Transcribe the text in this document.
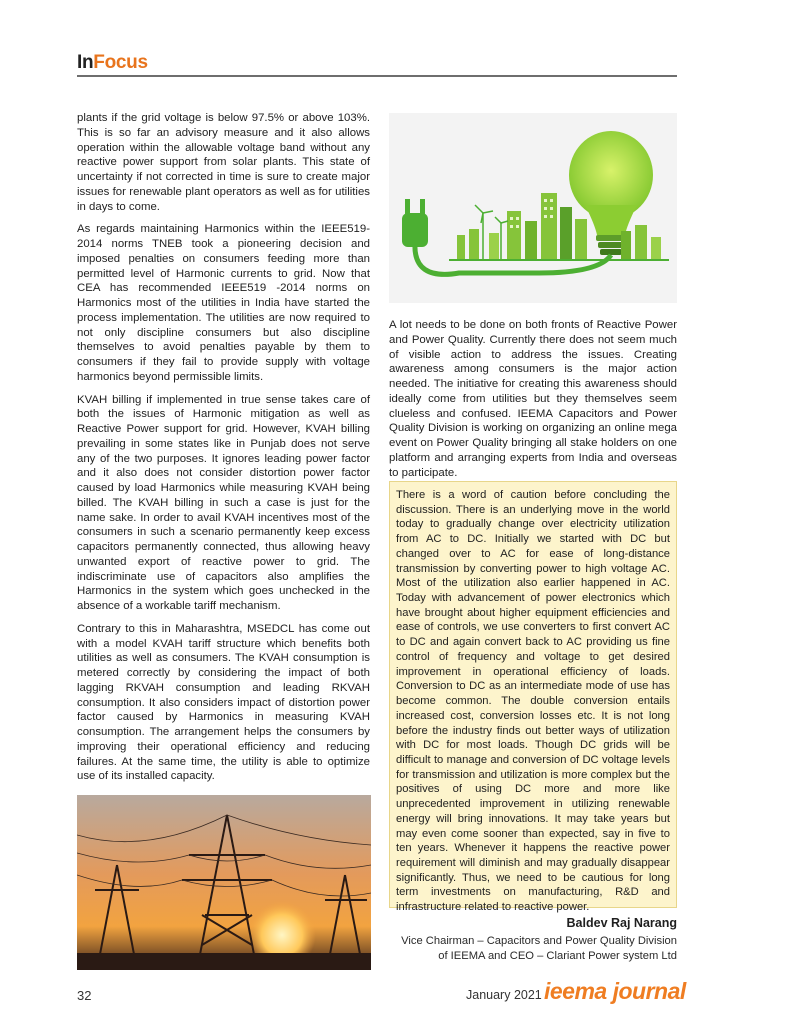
InFocus

plants if the grid voltage is below 97.5% or above 103%. This is so far an advisory measure and it also allows operation within the allowable voltage band without any reactive power support from solar plants. This state of uncertainty if not corrected in time is sure to create major issues for renewable plant operators as well as for utilities in days to come.

As regards maintaining Harmonics within the IEEE519-2014 norms TNEB took a pioneering decision and imposed penalties on consumers feeding more than permitted level of Harmonic currents to grid. Now that CEA has recommended IEEE519 -2014 norms on Harmonics most of the utilities in India have started the process implementation. The utilities are now required to not only discipline consumers but also discipline themselves to avoid penalties payable by them to consumers if they fail to provide supply with voltage harmonics beyond permissible limits.

KVAH billing if implemented in true sense takes care of both the issues of Harmonic mitigation as well as Reactive Power support for grid. However, KVAH billing prevailing in some states like in Punjab does not serve any of the two purposes. It ignores leading power factor and it also does not consider distortion power factor caused by load Harmonics while measuring KVAH being billed. The KVAH billing in such a case is just for the name sake. In order to avail KVAH incentives most of the consumers in such a scenario permanently keep excess capacitors permanently connected, thus allowing heavy unwanted export of reactive power to grid. The indiscriminate use of capacitors also amplifies the Harmonics in the system which goes unchecked in the absence of a workable tariff mechanism.

Contrary to this in Maharashtra, MSEDCL has come out with a model KVAH tariff structure which benefits both utilities as well as consumers. The KVAH consumption is metered correctly by considering the impact of both lagging RKVAH consumption and leading RKVAH consumption. It also considers impact of distortion power factor caused by Harmonics in measuring KVAH consumption. The arrangement helps the consumers by improving their operational efficiency and reducing failures. At the same time, the utility is able to optimize use of its installed capacity.

A lot needs to be done on both fronts of Reactive Power and Power Quality. Currently there does not seem much of visible action to address the issues. Creating awareness among consumers is the major action needed. The initiative for creating this awareness should ideally come from utilities but they themselves seem clueless and confused. IEEMA Capacitors and Power Quality Division is working on organizing an online mega event on Power Quality bringing all stake holders on one platform and arranging experts from India and overseas to participate.

There is a word of caution before concluding the discussion. There is an underlying move in the world today to gradually change over electricity utilization from AC to DC. Initially we started with DC but changed over to AC for ease of long-distance transmission by converting power to high voltage AC. Most of the utilization also earlier happened in AC. Today with advancement of power electronics which have brought about higher equipment efficiencies and ease of controls, we use converters to first convert AC to DC and again convert back to AC providing us fine control of frequency and voltage to get desired improvement in operational efficiency of loads. Conversion to DC as an intermediate mode of use has become common. The double conversion entails increased cost, conversion losses etc. It is not long before the industry finds out better ways of utilization with DC for most loads. Though DC grids will be difficult to manage and conversion of DC voltage levels for transmission and utilization is more complex but the positives of using DC more and more like unprecedented improvement in utilizing renewable energy will bring innovations. It may take years but may even come sooner than expected, say in five to ten years. Whenever it happens the reactive power requirement will diminish and may gradually disappear significantly. Thus, we need to be cautious for long term investments on manufacturing, R&D and infrastructure related to reactive power.
Baldev Raj Narang
Vice Chairman – Capacitors and Power Quality Division
of IEEMA and CEO – Clariant Power system Ltd
32	January 2021 ieema journal
